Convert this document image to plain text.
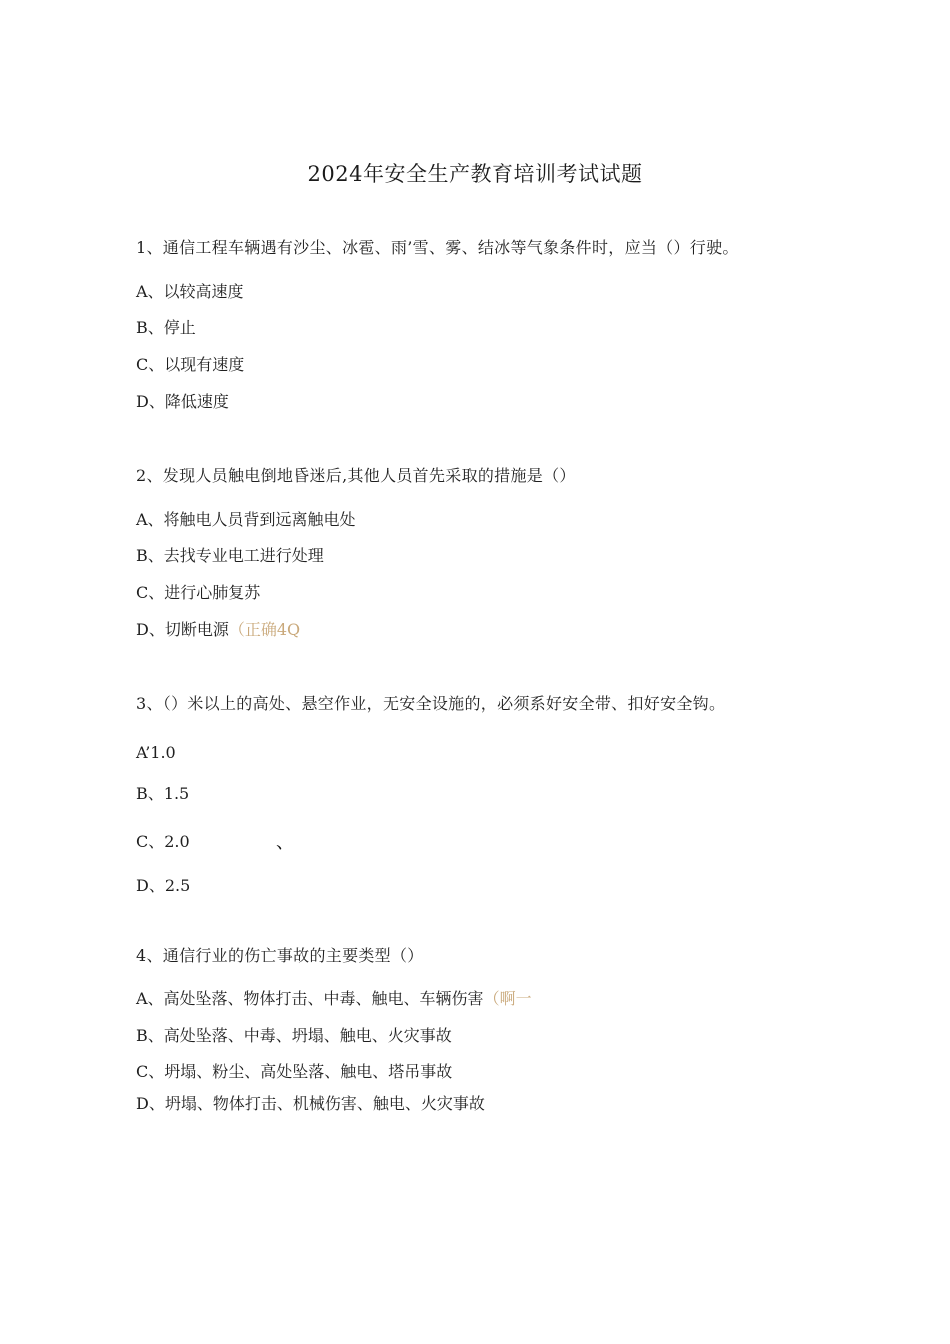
2024年安全生产教育培训考试试题
1、通信工程车辆遇有沙尘、冰雹、雨’雪、雾、结冰等气象条件时，应当（）行驶。
A、以较高速度
B、停止
C、以现有速度
D、降低速度
2、发现人员触电倒地昏迷后,其他人员首先采取的措施是（）
A、将触电人员背到远离触电处
B、去找专业电工进行处理
C、进行心肺复苏
D、切断电源（正确4Q
3、（）米以上的高处、悬空作业，无安全设施的，必须系好安全带、扣好安全钩。
A’1.0
B、1.5
C、2.0	、
D、2.5
4、通信行业的伤亡事故的主要类型（）
A、高处坠落、物体打击、中毒、触电、车辆伤害（啊一
B、高处坠落、中毒、坍塌、触电、火灾事故
C、坍塌、粉尘、高处坠落、触电、塔吊事故
D、坍塌、物体打击、机械伤害、触电、火灾事故
